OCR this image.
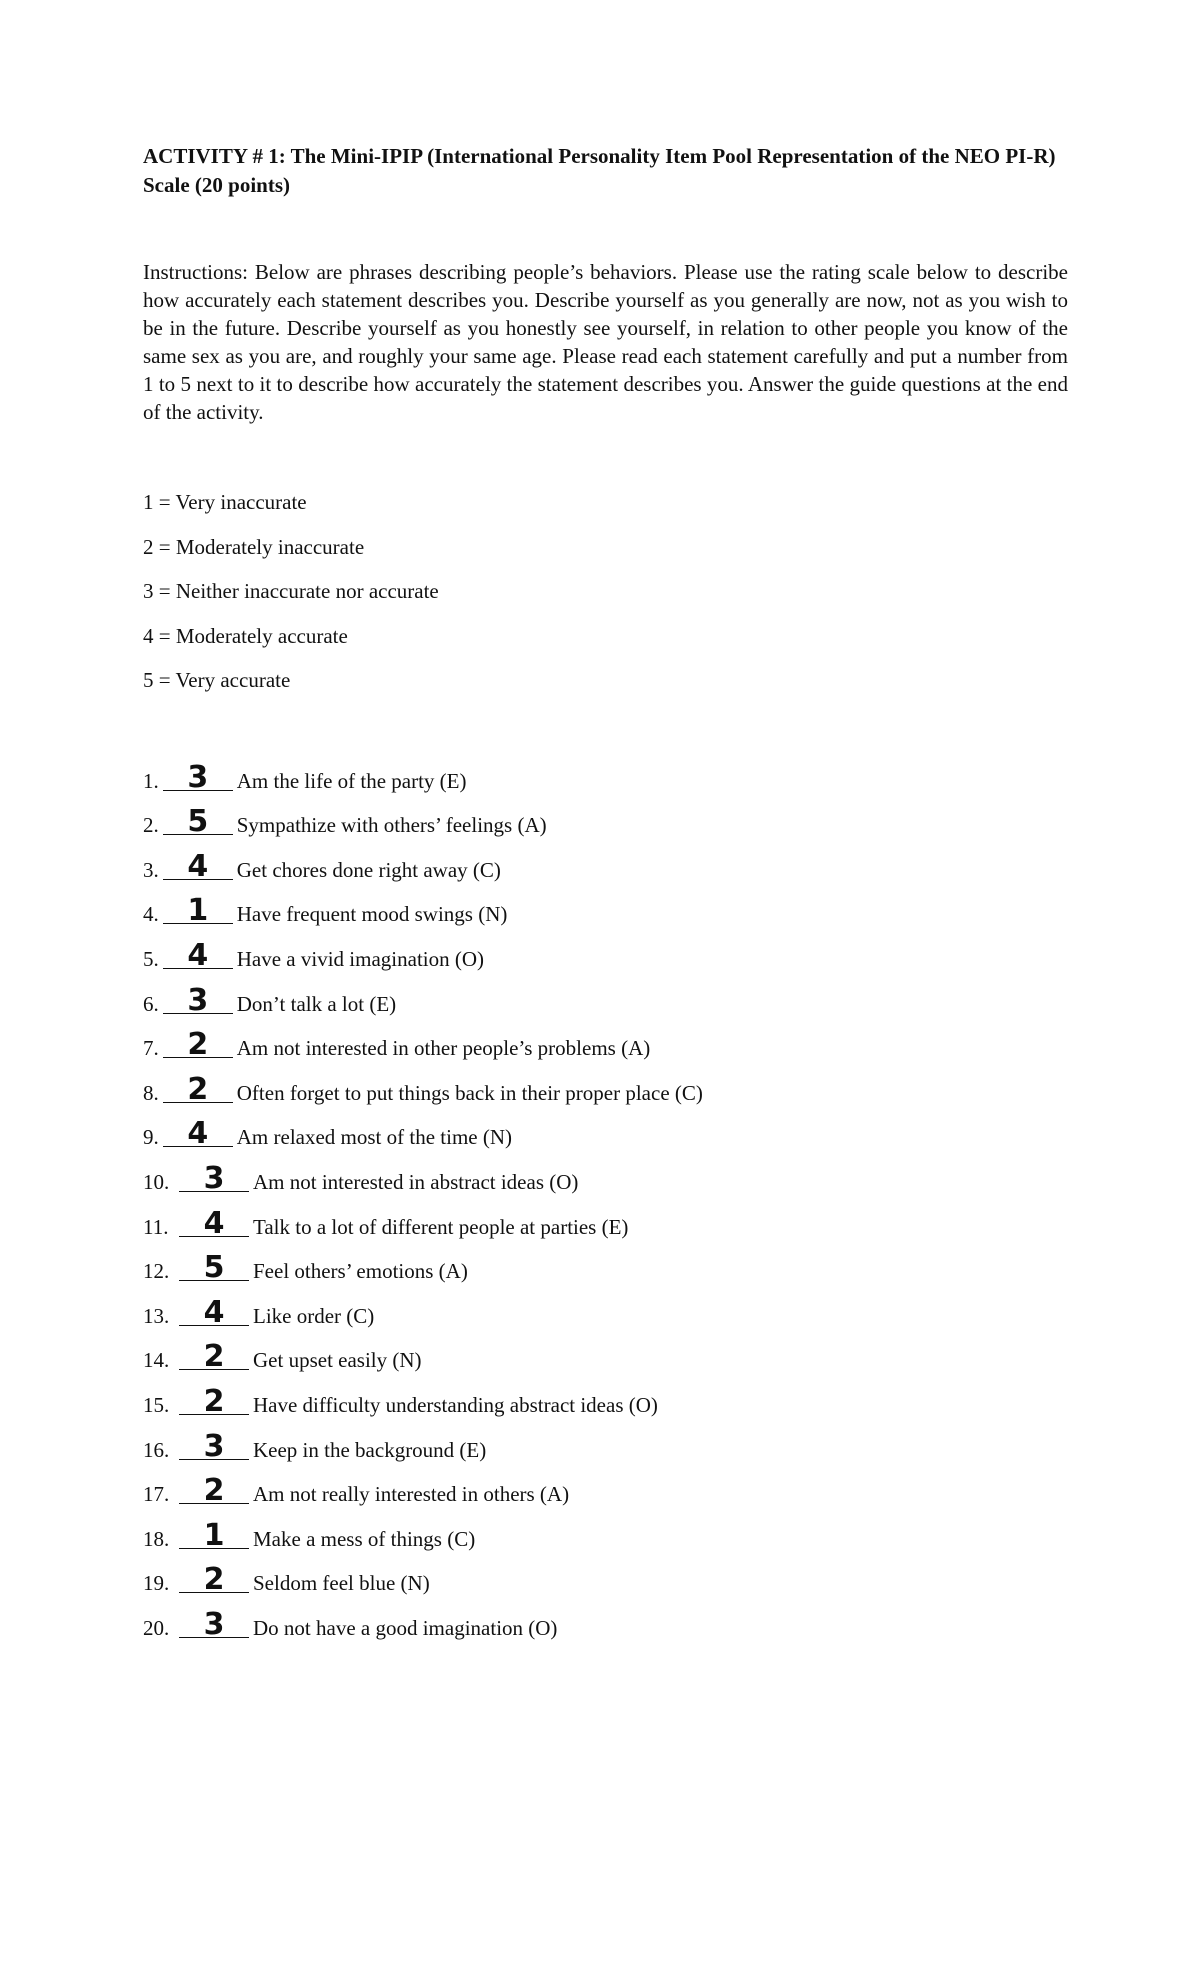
ACTIVITY # 1: The Mini-IPIP (International Personality Item Pool Representation of the NEO PI-R) Scale (20 points)

Instructions: Below are phrases describing people’s behaviors. Please use the rating scale below to describe how accurately each statement describes you. Describe yourself as you generally are now, not as you wish to be in the future. Describe yourself as you honestly see yourself, in relation to other people you know of the same sex as you are, and roughly your same age. Please read each statement carefully and put a number from 1 to 5 next to it to describe how accurately the statement describes you. Answer the guide questions at the end of the activity.

1 = Very inaccurate
2 = Moderately inaccurate
3 = Neither inaccurate nor accurate
4 = Moderately accurate
5 = Very accurate
1. 3	Am the life of the party (E)
2. 5	Sympathize with others’ feelings (A)
3. 4	Get chores done right away (C)
4. 1	Have frequent mood swings (N)
5. 4	Have a vivid imagination (O)
6. 3	Don’t talk a lot (E)
7. 2	Am not interested in other people’s problems (A)
8. 2	Often forget to put things back in their proper place (C)
9. 4	Am relaxed most of the time (N)
10.	3	Am not interested in abstract ideas (O)
11.	4	Talk to a lot of different people at parties (E)
12.	5	Feel others’ emotions (A)
13.	4	Like order (C)
14.	2	Get upset easily (N)
15.	2	Have difficulty understanding abstract ideas (O)
16.	3	Keep in the background (E)
17.	2	Am not really interested in others (A)
18.	1	Make a mess of things (C)
19.	2	Seldom feel blue (N)
20.	3	Do not have a good imagination (O)
